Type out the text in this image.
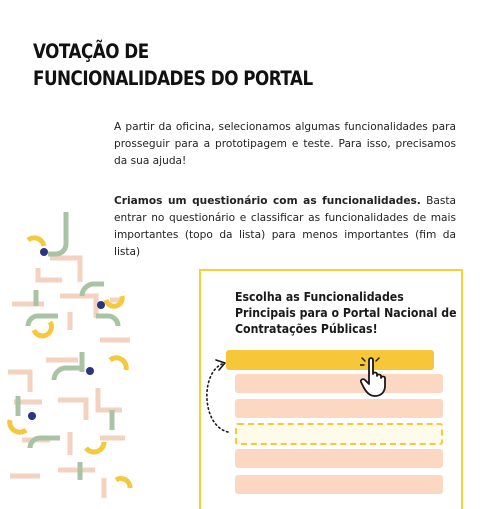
VOTAÇÃO DE
FUNCIONALIDADES DO PORTAL

A partir da oficina, selecionamos algumas funcionalidades para prosseguir para a prototipagem e teste. Para isso, precisamos da sua ajuda!

Criamos um questionário com as funcionalidades. Basta entrar no questionário e classificar as funcionalidades de mais importantes (topo da lista) para menos importantes (fim da lista)

Escolha as Funcionalidades
Principais para o Portal Nacional de
Contratações Públicas!
